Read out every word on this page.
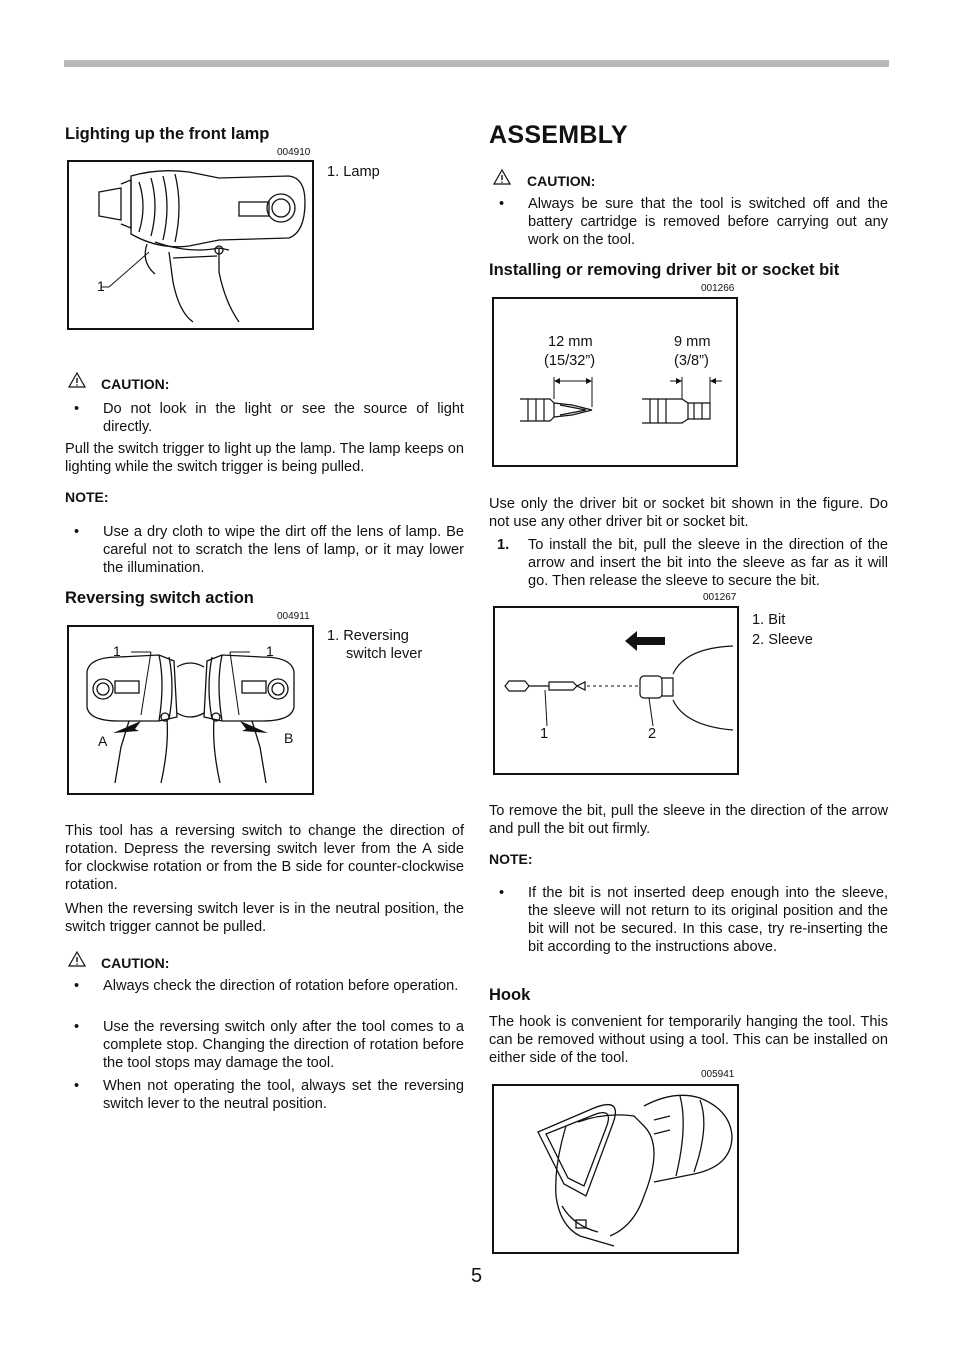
Lighting up the front lamp
004910
1
1. Lamp
CAUTION:
• Do not look in the light or see the source of light directly.

Pull the switch trigger to light up the lamp. The lamp keeps on lighting while the switch trigger is being pulled.

NOTE:
• Use a dry cloth to wipe the dirt off the lens of lamp. Be careful not to scratch the lens of lamp, or it may lower the illumination.
Reversing switch action
004911
1	1
A	B
1. Reversing
switch lever

This tool has a reversing switch to change the direction of rotation. Depress the reversing switch lever from the A side for clockwise rotation or from the B side for counter-clockwise rotation.

When the reversing switch lever is in the neutral position, the switch trigger cannot be pulled.

CAUTION:
• Always check the direction of rotation before operation.
• Use the reversing switch only after the tool comes to a complete stop. Changing the direction of rotation before the tool stops may damage the tool.
• When not operating the tool, always set the reversing switch lever to the neutral position.
ASSEMBLY
CAUTION:
• Always be sure that the tool is switched off and the battery cartridge is removed before carrying out any work on the tool.
Installing or removing driver bit or socket bit
001266
12 mm
(15/32”)
9 mm
(3/8”)

Use only the driver bit or socket bit shown in the figure. Do not use any other driver bit or socket bit.

1. To install the bit, pull the sleeve in the direction of the arrow and insert the bit into the sleeve as far as it will go. Then release the sleeve to secure the bit.
001267
1	2
1. Bit
2. Sleeve

To remove the bit, pull the sleeve in the direction of the arrow and pull the bit out firmly.

NOTE:
• If the bit is not inserted deep enough into the sleeve, the sleeve will not return to its original position and the bit will not be secured. In this case, try re-inserting the bit according to the instructions above.
Hook

The hook is convenient for temporarily hanging the tool. This can be removed without using a tool. This can be installed on either side of the tool.

005941
5
